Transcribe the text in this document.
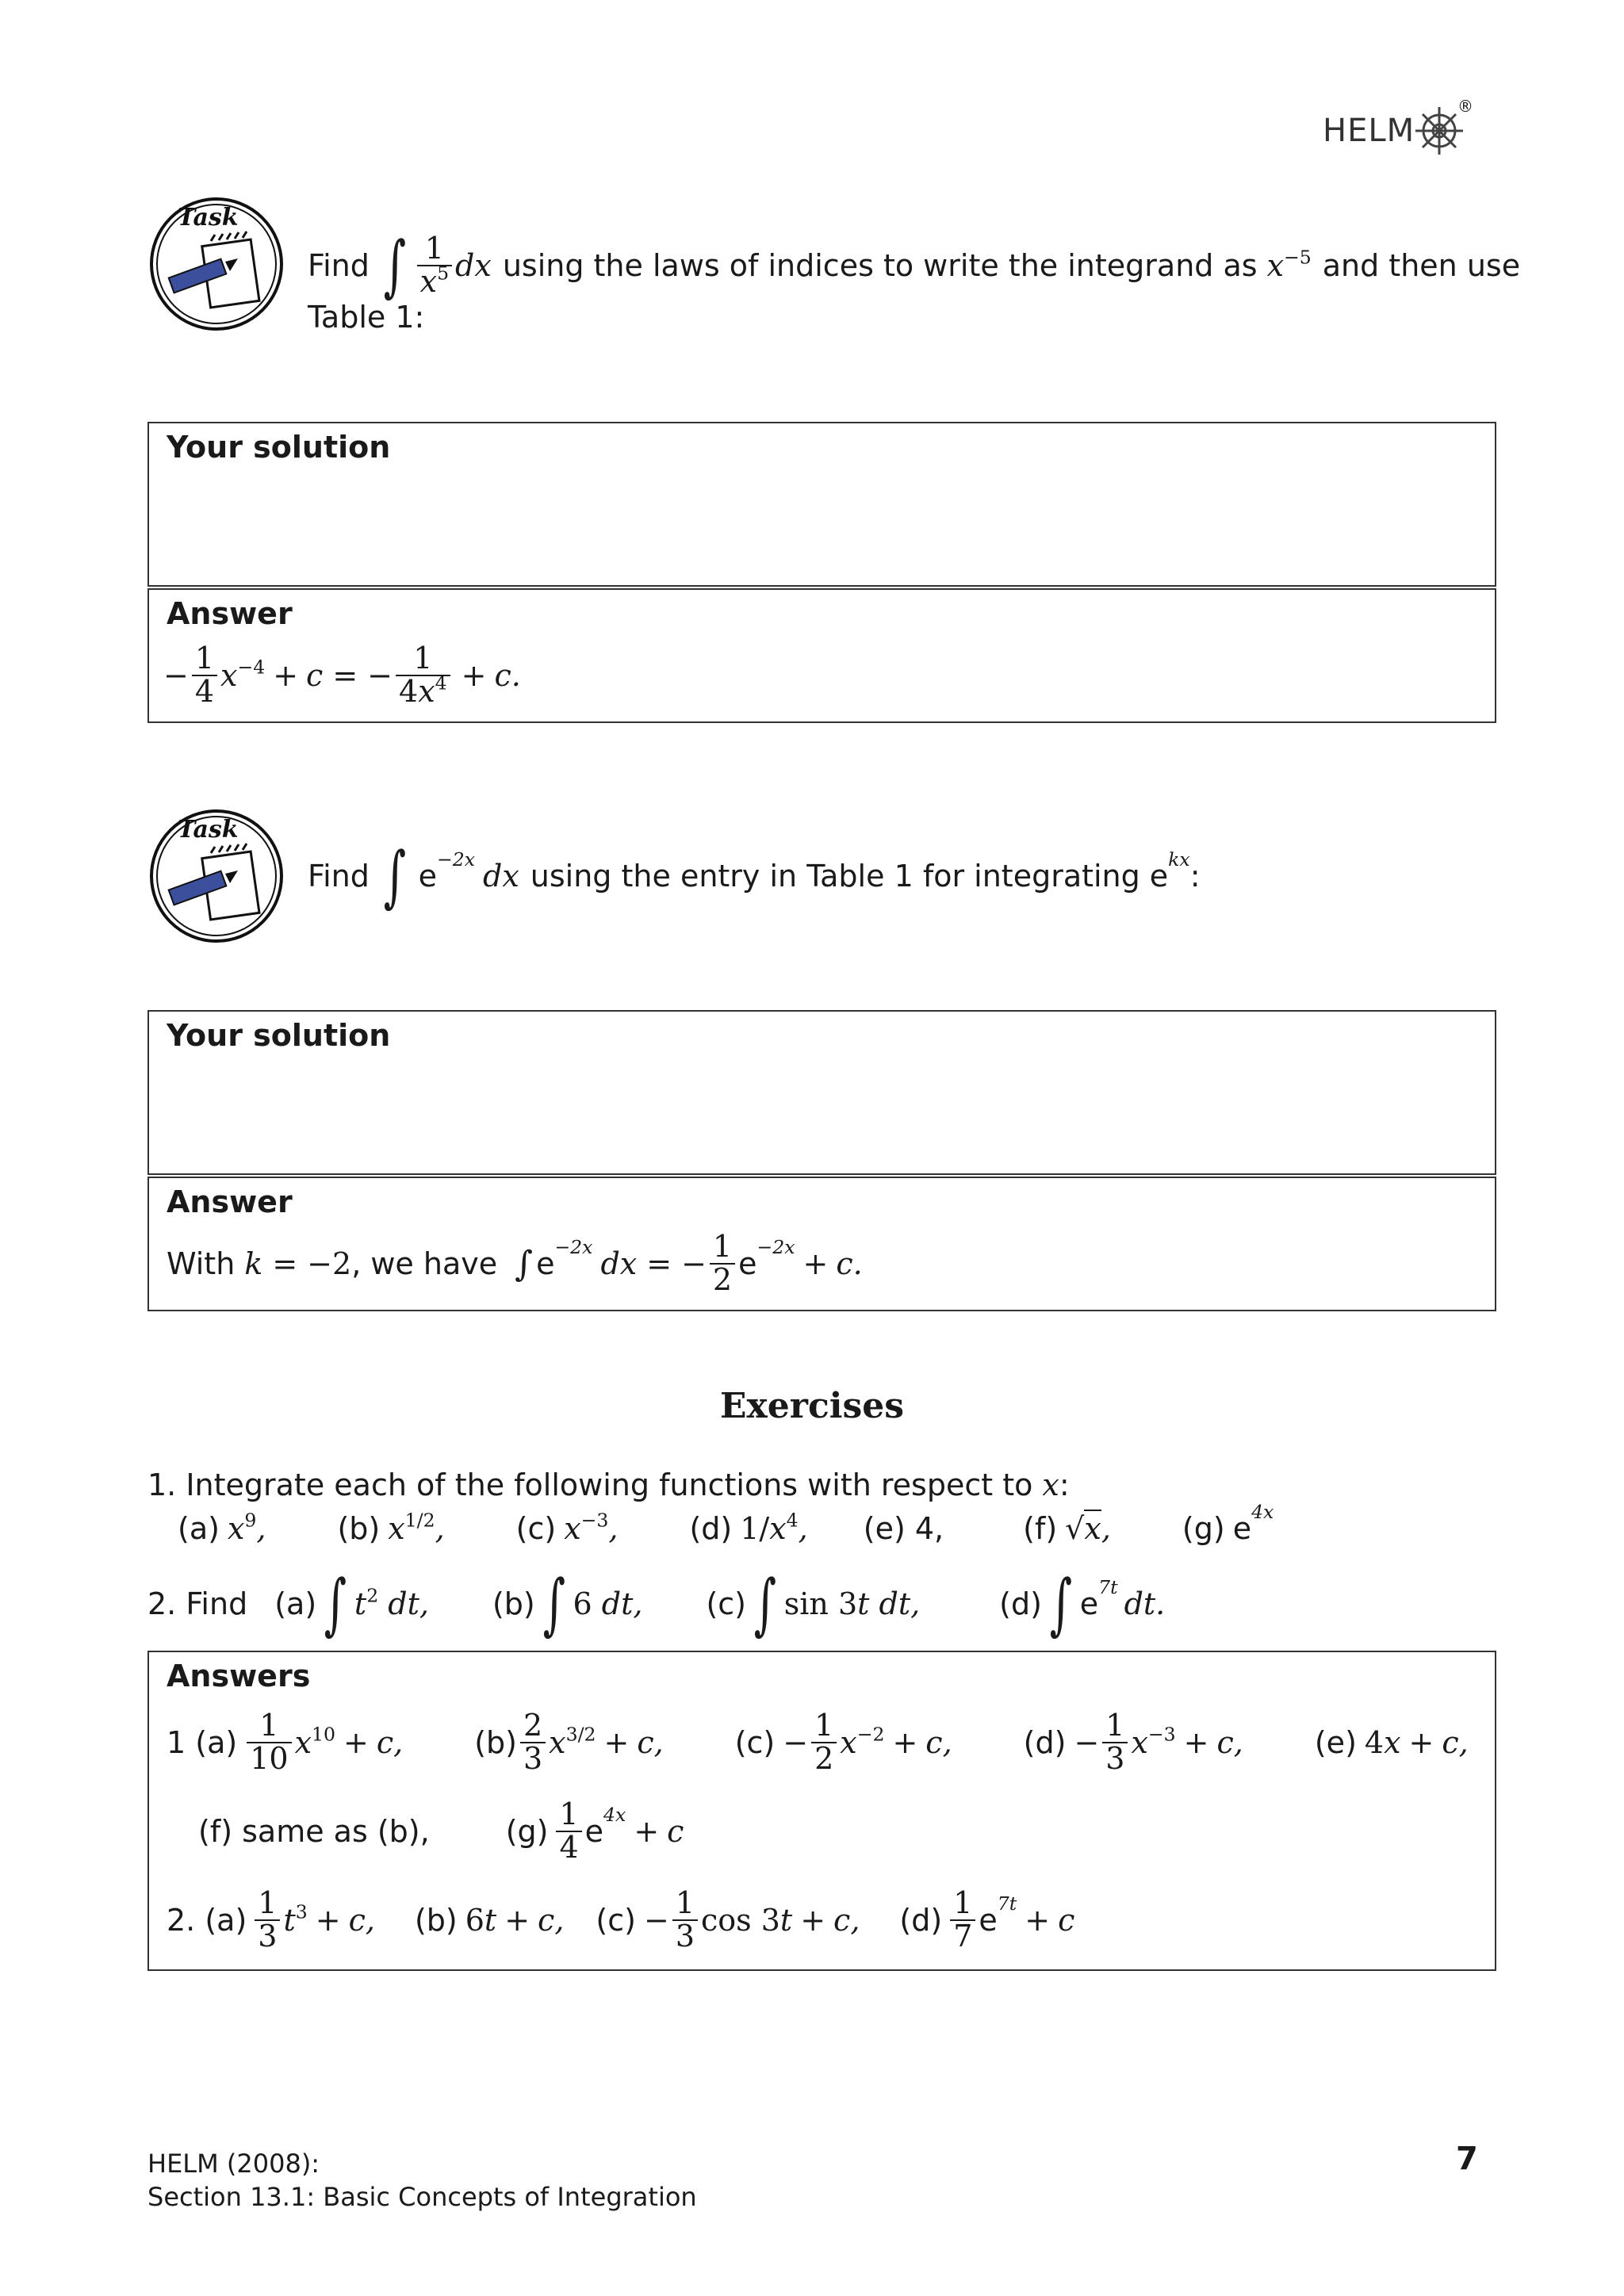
HELM
®
Task
Find ∫ $\frac{1}{x^5}$ dx using the laws of indices to write the integrand as $x^{-5}$ and then use
Table 1:
Your solution
Answer
− $\frac{1}{4} x^{-4} + c$ = − $\frac{1}{4x^4} + c$.
Task
Find ∫ e −2x dx using the entry in Table 1 for integrating e kx :
Your solution
Answer
With k = −2 , we have ∫ e −2x dx = − $\frac{1}{2}$ e −2x + c.
Exercises
1. Integrate each of the following functions with respect to x :
(a) $x^9$, (b) $x^{1/2}$, (c) $x^{-3}$, (d) $1/x^4$, (e) 4,	(f) √x, (g) e 4x
2. Find (a) ∫ $t^2$ dt, (b) ∫ 6 dt, (c) ∫ sin 3t dt,	(d) ∫ e 7t dt.
Answers
1 $(a) \frac{1}{10} x^{10} + c$, $(b) \frac{2}{3} x^{3/2} + c$, $(c) - \frac{1}{2} x^{-2} + c$, $(d) - \frac{1}{3} x^{-3} + c$, (e) 4x + c,
(f) same as (b),	$(g) \frac{1}{4}$ e 4x + c
2. $(a) \frac{1}{3} t^3 + c$, (b) 6t + c, $(c) - \frac{1}{3}$ cos 3t + c, $(d) \frac{1}{7}$ e 7t + c
HELM (2008):
Section 13.1: Basic Concepts of Integration
7
